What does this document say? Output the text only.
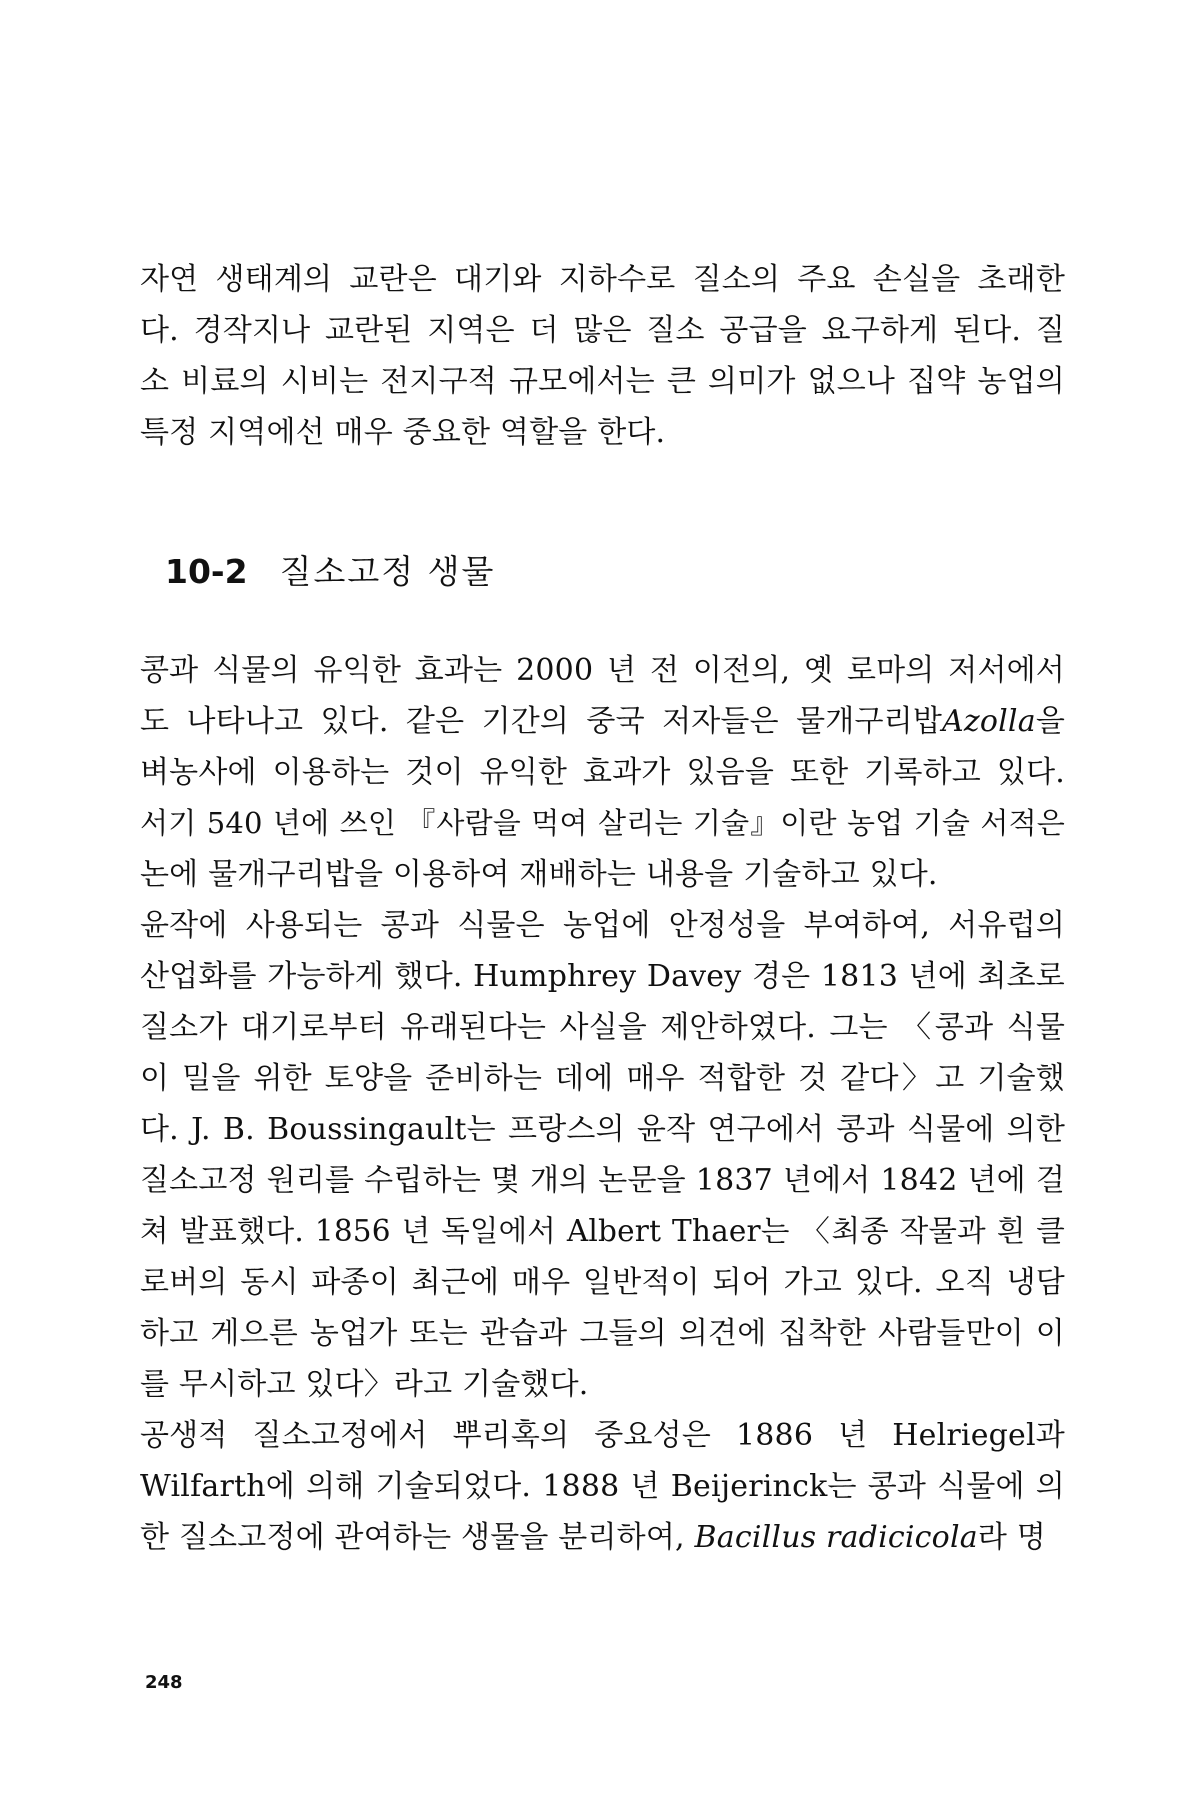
자연 생태계의 교란은 대기와 지하수로 질소의 주요 손실을 초래한
다. 경작지나 교란된 지역은 더 많은 질소 공급을 요구하게 된다. 질
소 비료의 시비는 전지구적 규모에서는 큰 의미가 없으나 집약 농업의
특정 지역에선 매우 중요한 역할을 한다.
10-2 질소고정 생물
콩과 식물의 유익한 효과는 2000 년 전 이전의, 옛 로마의 저서에서
도 나타나고 있다. 같은 기간의 중국 저자들은 물개구리밥Azolla을
벼농사에 이용하는 것이 유익한 효과가 있음을 또한 기록하고 있다.
서기 540 년에 쓰인 『사람을 먹여 살리는 기술』이란 농업 기술 서적은
논에 물개구리밥을 이용하여 재배하는 내용을 기술하고 있다.
윤작에 사용되는 콩과 식물은 농업에 안정성을 부여하여, 서유럽의
산업화를 가능하게 했다. Humphrey Davey 경은 1813 년에 최초로
질소가 대기로부터 유래된다는 사실을 제안하였다. 그는 〈콩과 식물
이 밀을 위한 토양을 준비하는 데에 매우 적합한 것 같다〉고 기술했
다. J. B. Boussingault는 프랑스의 윤작 연구에서 콩과 식물에 의한
질소고정 원리를 수립하는 몇 개의 논문을 1837 년에서 1842 년에 걸
쳐 발표했다. 1856 년 독일에서 Albert Thaer는 〈최종 작물과 흰 클
로버의 동시 파종이 최근에 매우 일반적이 되어 가고 있다. 오직 냉담
하고 게으른 농업가 또는 관습과 그들의 의견에 집착한 사람들만이 이
를 무시하고 있다〉라고 기술했다.
공생적 질소고정에서 뿌리혹의 중요성은 1886 년 Helriegel과
Wilfarth에 의해 기술되었다. 1888 년 Beijerinck는 콩과 식물에 의
한 질소고정에 관여하는 생물을 분리하여, Bacillus radicicola라 명
248
